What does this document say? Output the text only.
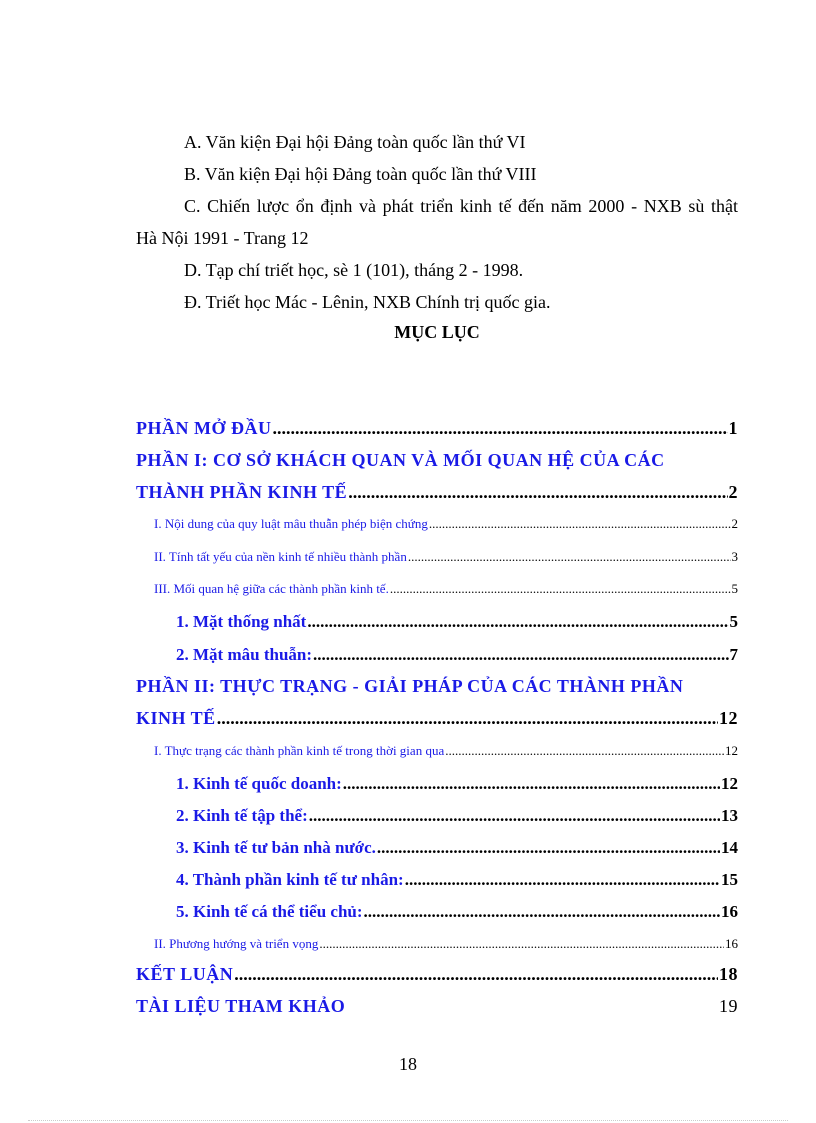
A. Văn kiện Đại hội Đảng toàn quốc lần thứ VI

B. Văn kiện Đại hội Đảng toàn quốc lần thứ VIII

C. Chiến lược ổn định và phát triển kinh tế đến năm 2000 - NXB sù thật

Hà Nội 1991 - Trang 12

D. Tạp chí triết học, sè 1 (101), tháng 2 - 1998.

Đ. Triết học Mác - Lênin, NXB Chính trị quốc gia.

MỤC LỤC
PHẦN MỞ ĐẦU .....	1
PHẦN I: CƠ SỞ KHÁCH QUAN VÀ MỐI QUAN HỆ CỦA CÁC
THÀNH PHẦN KINH TẾ .....	2
I. Nội dung của quy luật mâu thuẫn phép biện chứng .....	2
II. Tính tất yếu của nền kinh tế nhiều thành phần .....	3
III. Mối quan hệ giữa các thành phần kinh tế. .....	5
1. Mặt thống nhất .....	5
2. Mặt mâu thuẫn: .....	7
PHẦN II: THỰC TRẠNG - GIẢI PHÁP CỦA CÁC THÀNH PHẦN
KINH TẾ .....	12
I. Thực trạng các thành phần kinh tế trong thời gian qua .....	12
1. Kinh tế quốc doanh: .....	12
2. Kinh tế tập thể: .....	13
3. Kinh tế tư bản nhà nước. .....	14
4. Thành phần kinh tế tư nhân: .....	15
5. Kinh tế cá thể tiểu chủ: .....	16
II. Phương hướng và triển vọng .....	16
KẾT LUẬN .....	18
TÀI LIỆU THAM KHẢO	19
18
